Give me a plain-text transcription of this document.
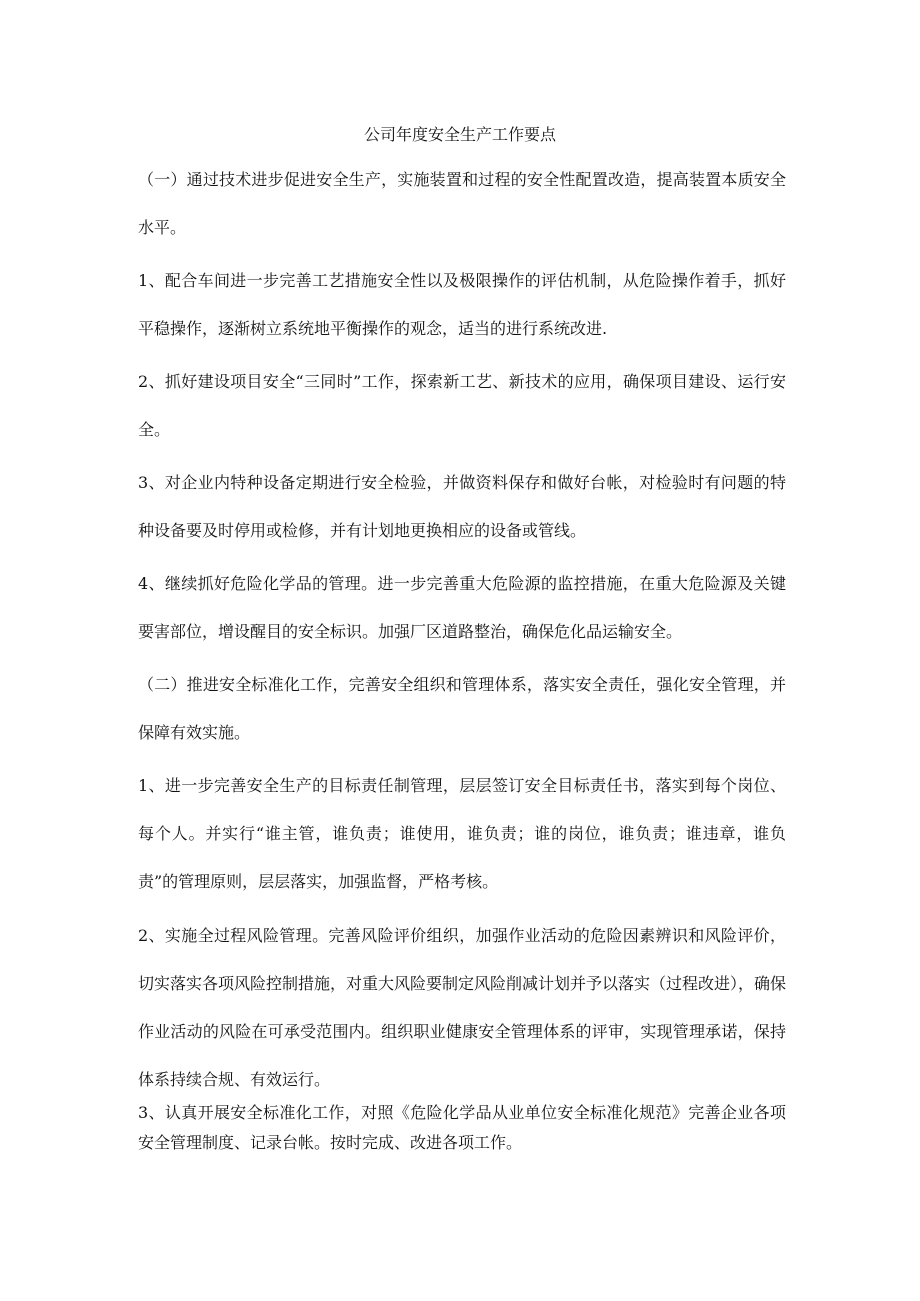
公司年度安全生产工作要点

（一）通过技术进步促进安全生产，实施装置和过程的安全性配置改造，提高装置本质安全水平。

1、配合车间进一步完善工艺措施安全性以及极限操作的评估机制，从危险操作着手，抓好平稳操作，逐渐树立系统地平衡操作的观念，适当的进行系统改进.

2、抓好建设项目安全“三同时”工作，探索新工艺、新技术的应用，确保项目建设、运行安全。

3、对企业内特种设备定期进行安全检验，并做资料保存和做好台帐，对检验时有问题的特种设备要及时停用或检修，并有计划地更换相应的设备或管线。

4、继续抓好危险化学品的管理。进一步完善重大危险源的监控措施，在重大危险源及关键要害部位，增设醒目的安全标识。加强厂区道路整治，确保危化品运输安全。

（二）推进安全标准化工作，完善安全组织和管理体系，落实安全责任，强化安全管理，并保障有效实施。

1、进一步完善安全生产的目标责任制管理，层层签订安全目标责任书，落实到每个岗位、每个人。并实行“谁主管，谁负责；谁使用，谁负责；谁的岗位，谁负责；谁违章，谁负责”的管理原则，层层落实，加强监督，严格考核。

2、实施全过程风险管理。完善风险评价组织，加强作业活动的危险因素辨识和风险评价，切实落实各项风险控制措施，对重大风险要制定风险削减计划并予以落实（过程改进），确保作业活动的风险在可承受范围内。组织职业健康安全管理体系的评审，实现管理承诺，保持体系持续合规、有效运行。

3、认真开展安全标准化工作，对照《危险化学品从业单位安全标准化规范》完善企业各项安全管理制度、记录台帐。按时完成、改进各项工作。
